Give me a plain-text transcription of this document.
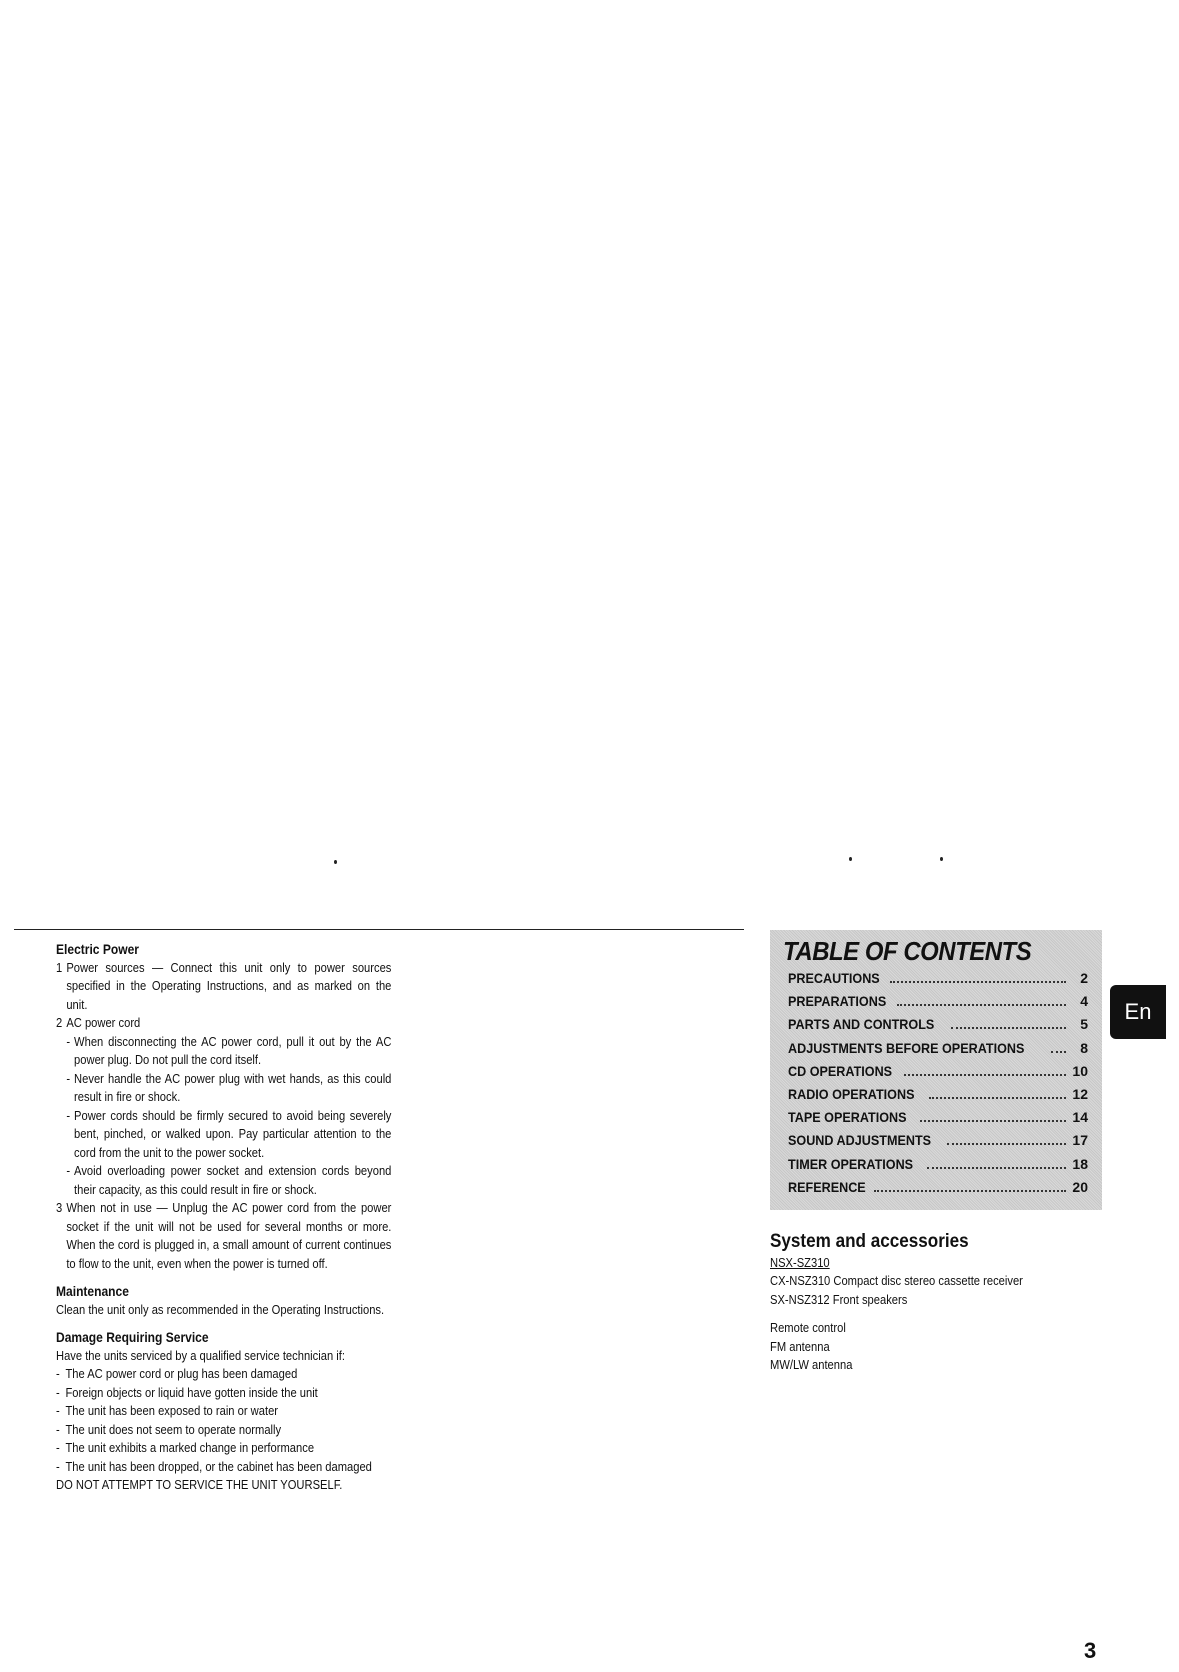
Electric Power

1 Power sources — Connect this unit only to power sources specified in the Operating Instructions, and as marked on the unit.
2 AC power cord
- When disconnecting the AC power cord, pull it out by the AC power plug. Do not pull the cord itself.
- Never handle the AC power plug with wet hands, as this could result in fire or shock.
- Power cords should be firmly secured to avoid being severely bent, pinched, or walked upon. Pay particular attention to the cord from the unit to the power socket.
- Avoid overloading power socket and extension cords beyond their capacity, as this could result in fire or shock.
3 When not in use — Unplug the AC power cord from the power socket if the unit will not be used for several months or more. When the cord is plugged in, a small amount of current continues to flow to the unit, even when the power is turned off.

Maintenance

Clean the unit only as recommended in the Operating Instructions.

Damage Requiring Service

Have the units serviced by a qualified service technician if:

- The AC power cord or plug has been damaged
- Foreign objects or liquid have gotten inside the unit
- The unit has been exposed to rain or water
- The unit does not seem to operate normally
- The unit exhibits a marked change in performance
- The unit has been dropped, or the cabinet has been damaged

DO NOT ATTEMPT TO SERVICE THE UNIT YOURSELF.

TABLE OF CONTENTS
PRECAUTIONS	2
PREPARATIONS	4
PARTS AND CONTROLS	5
ADJUSTMENTS BEFORE OPERATIONS	8
CD OPERATIONS	10
RADIO OPERATIONS	12
TAPE OPERATIONS	14
SOUND ADJUSTMENTS	17
TIMER OPERATIONS	18
REFERENCE	20
En

System and accessories

NSX-SZ310
CX-NSZ310 Compact disc stereo cassette receiver
SX-NSZ312 Front speakers
Remote control
FM antenna
MW/LW antenna
3
